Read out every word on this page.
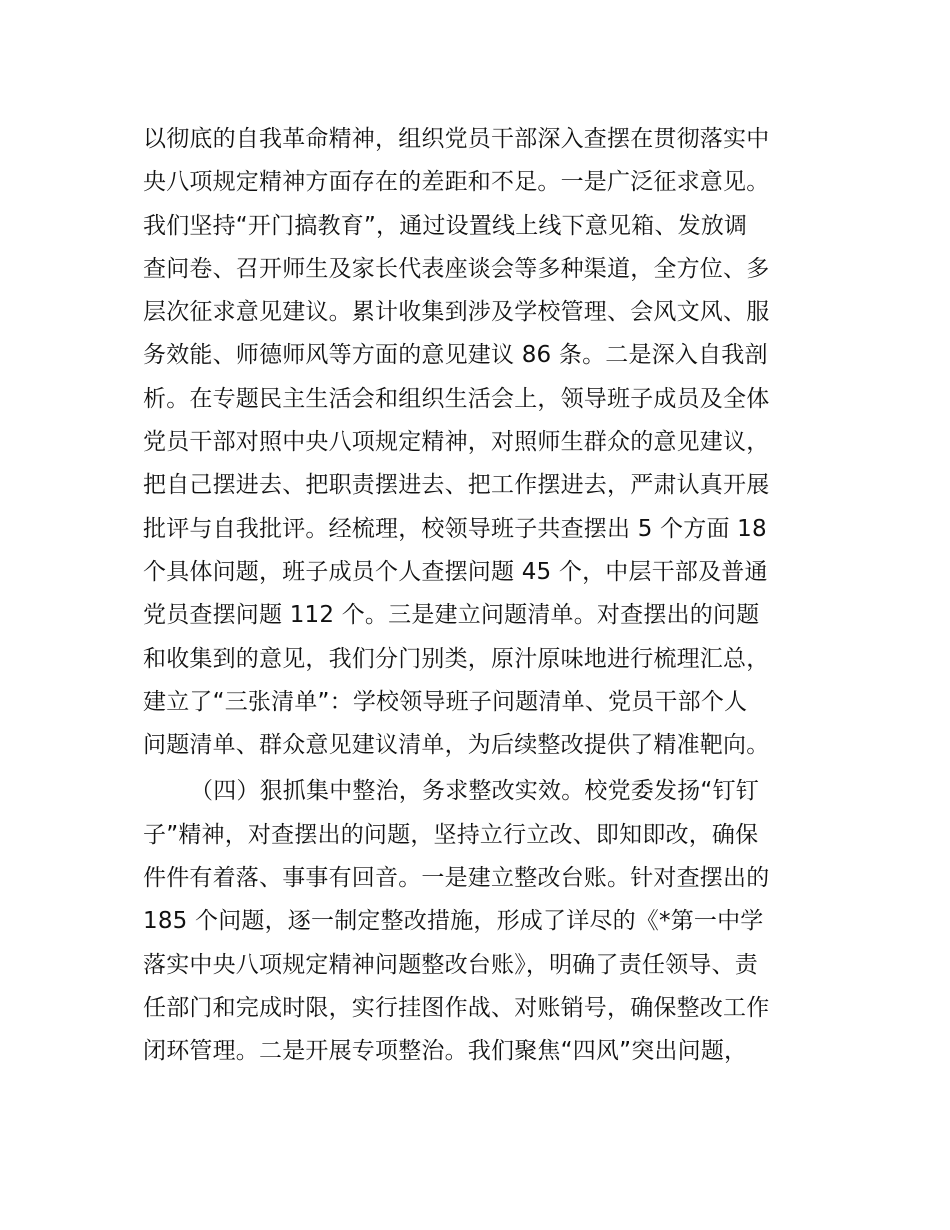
以彻底的自我革命精神，组织党员干部深入查摆在贯彻落实中
央八项规定精神方面存在的差距和不足。一是广泛征求意见。
我们坚持“开门搞教育”，通过设置线上线下意见箱、发放调
查问卷、召开师生及家长代表座谈会等多种渠道，全方位、多
层次征求意见建议。累计收集到涉及学校管理、会风文风、服
务效能、师德师风等方面的意见建议 86 条。二是深入自我剖
析。在专题民主生活会和组织生活会上，领导班子成员及全体
党员干部对照中央八项规定精神，对照师生群众的意见建议，
把自己摆进去、把职责摆进去、把工作摆进去，严肃认真开展
批评与自我批评。经梳理，校领导班子共查摆出 5 个方面 18
个具体问题，班子成员个人查摆问题 45 个，中层干部及普通
党员查摆问题 112 个。三是建立问题清单。对查摆出的问题
和收集到的意见，我们分门别类，原汁原味地进行梳理汇总，
建立了“三张清单”：学校领导班子问题清单、党员干部个人
问题清单、群众意见建议清单，为后续整改提供了精准靶向。
（四）狠抓集中整治，务求整改实效。校党委发扬“钉钉
子”精神，对查摆出的问题，坚持立行立改、即知即改，确保
件件有着落、事事有回音。一是建立整改台账。针对查摆出的
185 个问题，逐一制定整改措施，形成了详尽的《*第一中学
落实中央八项规定精神问题整改台账》，明确了责任领导、责
任部门和完成时限，实行挂图作战、对账销号，确保整改工作
闭环管理。二是开展专项整治。我们聚焦“四风”突出问题，
